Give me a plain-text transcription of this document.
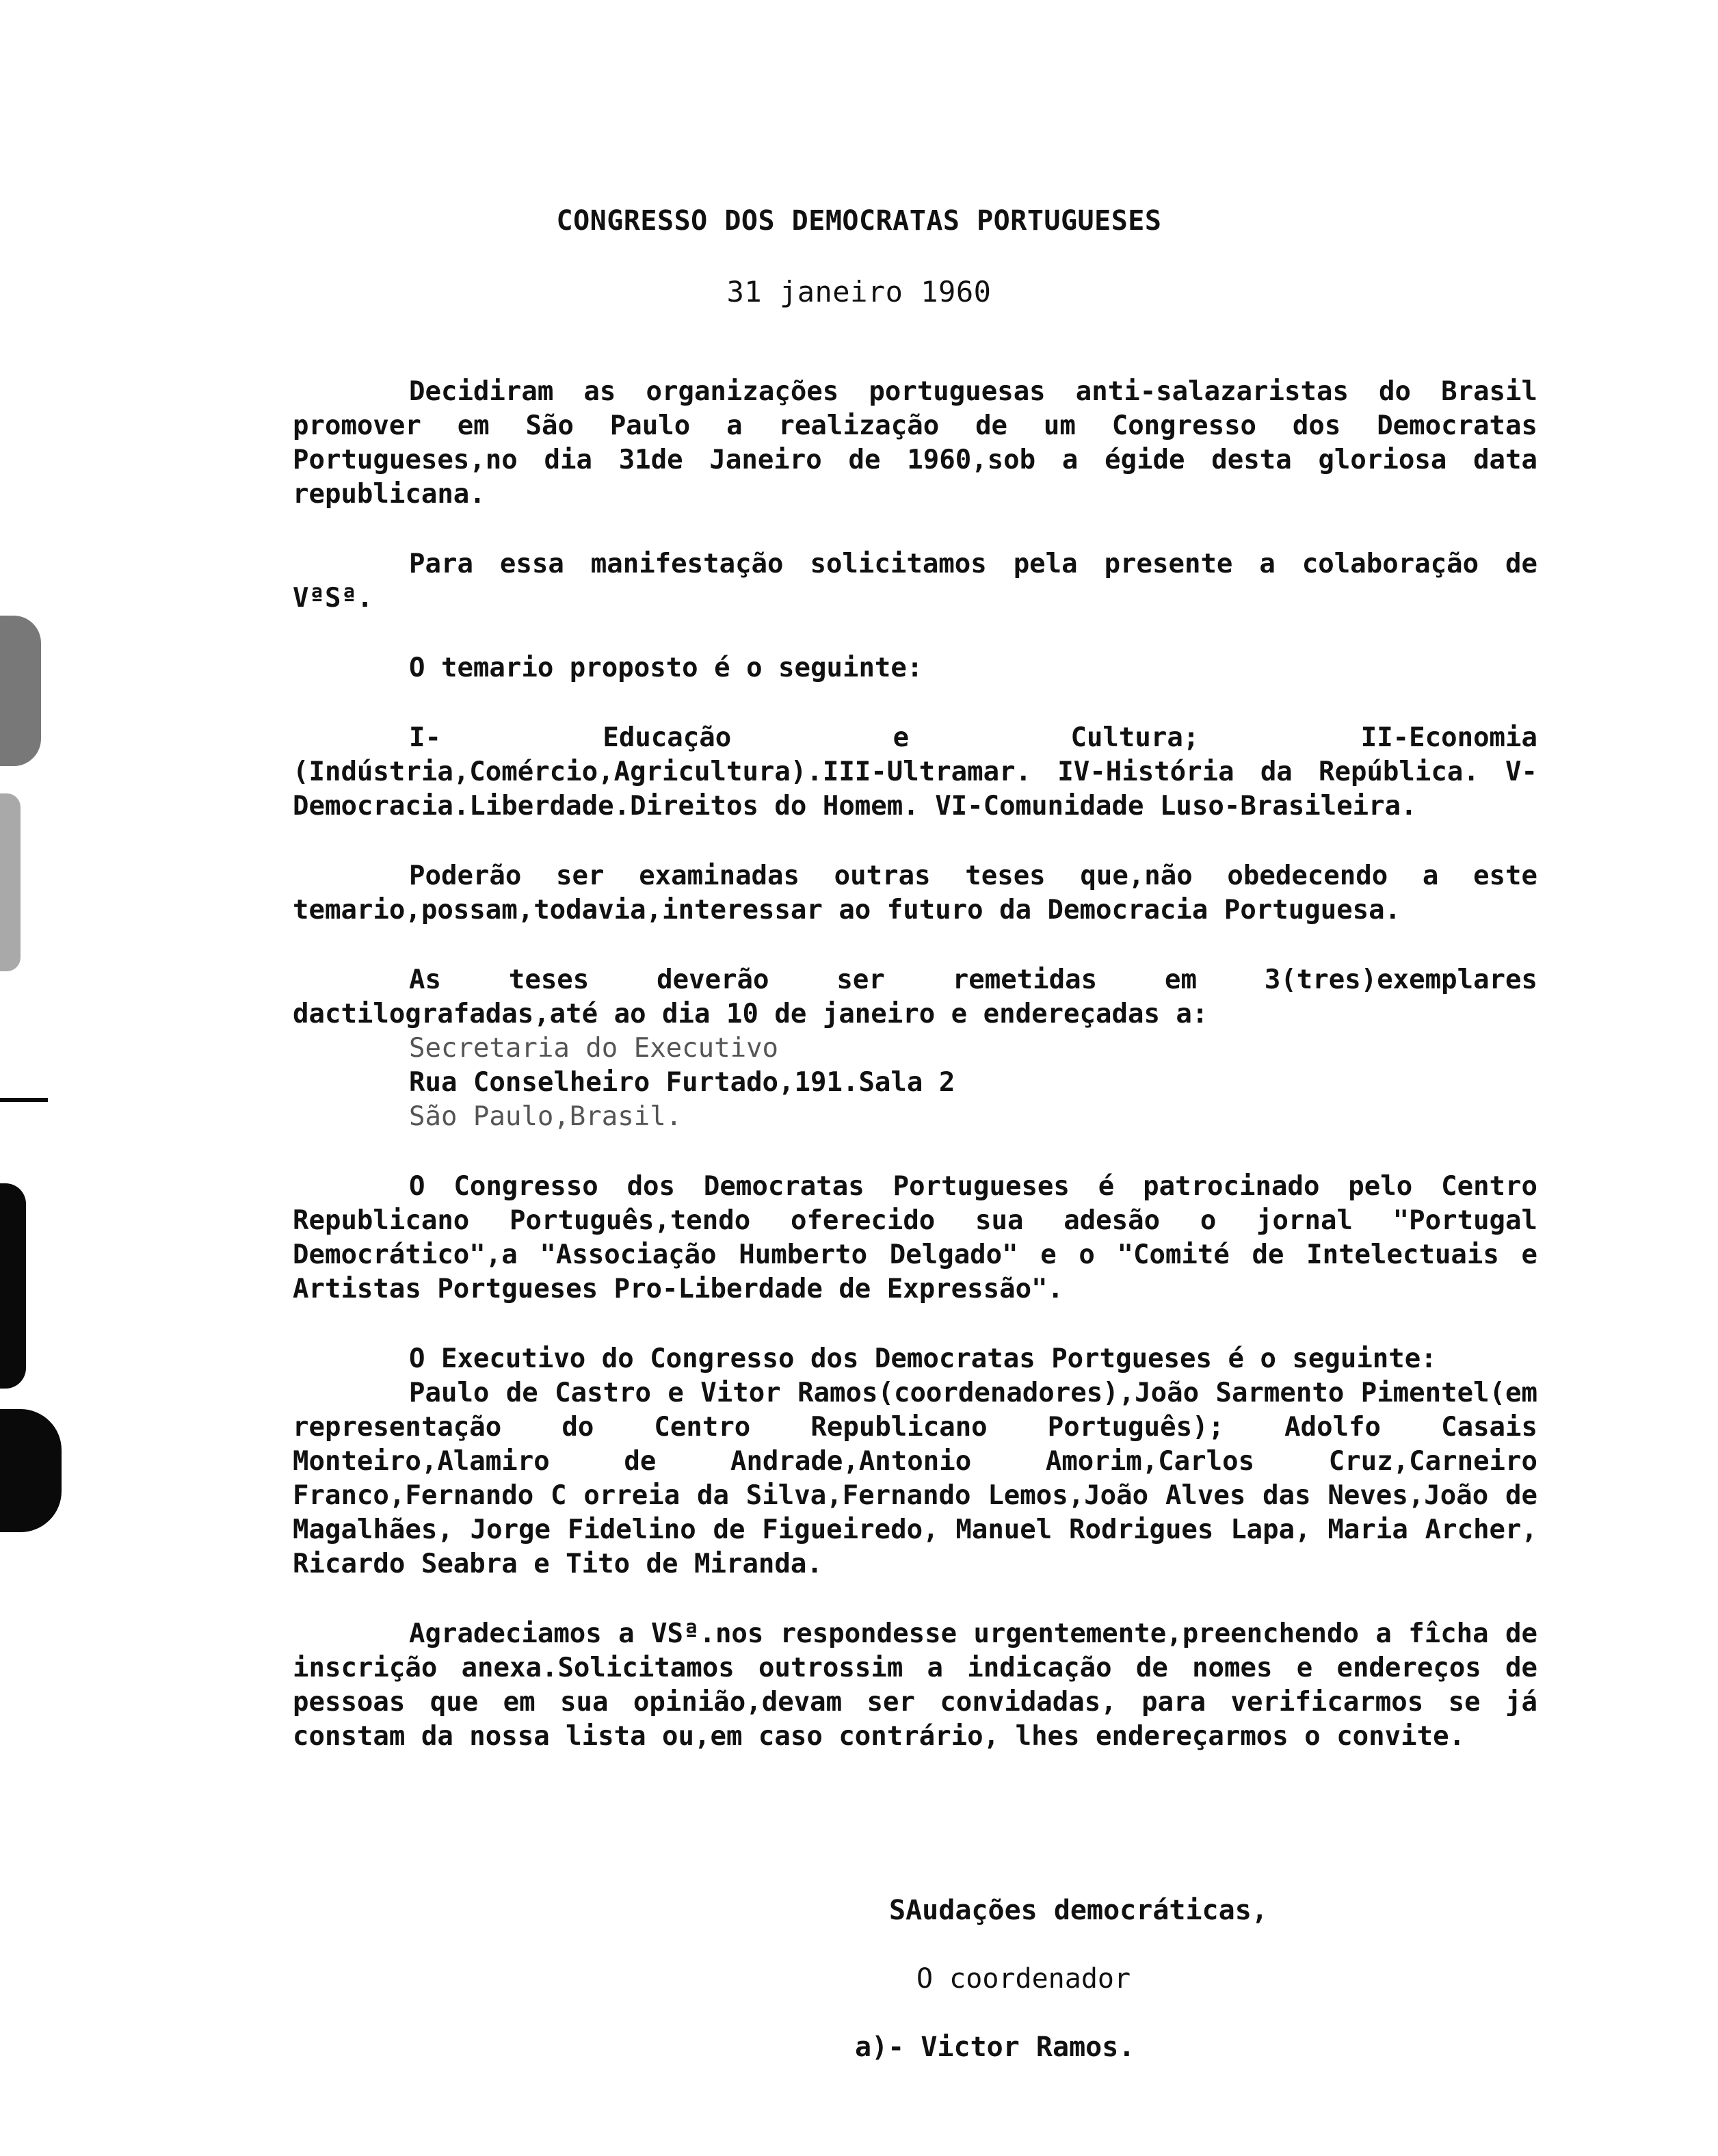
CONGRESSO DOS DEMOCRATAS PORTUGUESES
31 janeiro 1960

Decidiram as organizações portuguesas anti-salazaristas do Brasil promover em São Paulo a realização de um Congresso dos Democratas Portugueses,no dia 31de Janeiro de 1960,sob a égide desta gloriosa data republicana.

Para essa manifestação solicitamos pela presente a colaboração de VªSª.

O temario proposto é o seguinte:

I- Educação e Cultura; II-Economia (Indústria,Comércio,Agricultura).III-Ultramar. IV-História da República. V-Democracia.Liberdade.Direitos do Homem. VI-Comunidade Luso-Brasileira.

Poderão ser examinadas outras teses que,não obedecendo a este temario,possam,todavia,interessar ao futuro da Democracia Portuguesa.

As teses deverão ser remetidas em 3(tres)exemplares dactilografadas,até ao dia 10 de janeiro e endereçadas a:

Secretaria do Executivo
Rua Conselheiro Furtado,191.Sala 2
São Paulo,Brasil.

O Congresso dos Democratas Portugueses é patrocinado pelo Centro Republicano Português,tendo oferecido sua adesão o jornal "Portugal Democrático",a "Associação Humberto Delgado" e o "Comité de Intelectuais e Artistas Portgueses Pro-Liberdade de Expressão".

O Executivo do Congresso dos Democratas Portgueses é o seguinte:

Paulo de Castro e Vitor Ramos(coordenadores),João Sarmento Pimentel(em representação do Centro Republicano Português); Adolfo Casais Monteiro,Alamiro de Andrade,Antonio Amorim,Carlos Cruz,Carneiro Franco,Fernando C orreia da Silva,Fernando Lemos,João Alves das Neves,João de Magalhães, Jorge Fidelino de Figueiredo, Manuel Rodrigues Lapa, Maria Archer, Ricardo Seabra e Tito de Miranda.

Agradeciamos a VSª.nos respondesse urgentemente,preenchendo a fîcha de inscrição anexa.Solicitamos outrossim a indicação de nomes e endereços de pessoas que em sua opinião,devam ser convidadas, para verificarmos se já constam da nossa lista ou,em caso contrário, lhes endereçarmos o convite.

SAudações democráticas,
O coordenador
a)- Victor Ramos.
